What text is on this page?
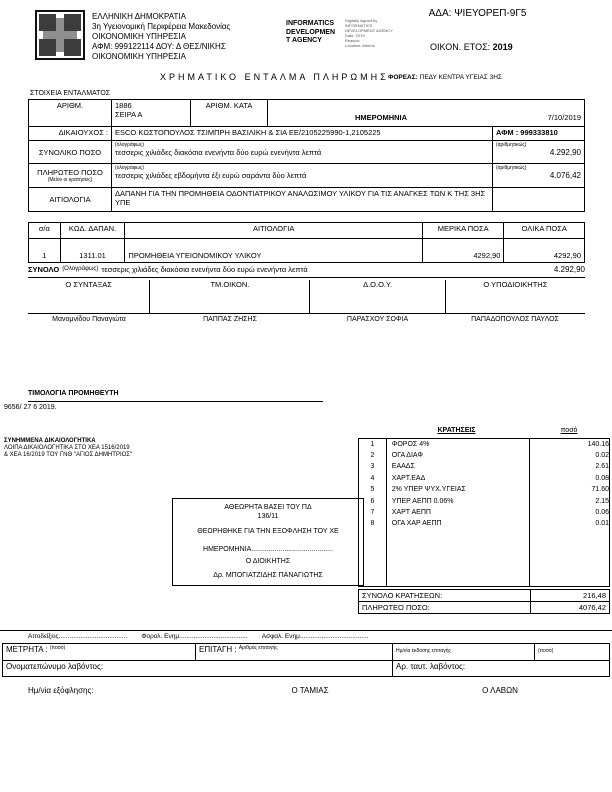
ΕΛΛΗΝΙΚΗ ΔΗΜΟΚΡΑΤΙΑ
3η Υγειονομική Περιφέρεια Μακεδονίας
ΟΙΚΟΝΟΜΙΚΗ ΥΠΗΡΕΣΙΑ
ΑΦΜ: 999122114 ΔΟΥ: Δ ΘΕΣ/ΝΙΚΗΣ
ΟΙΚΟΝΟΜΙΚΗ ΥΠΗΡΕΣΙΑ
INFORMATICS
DEVELOPMEN
T AGENCY
Digitally signed by
INFORMATICS
DEVELOPMENT AGENCY
Date: 2019
Reason:
Location: Athens
ΑΔΑ: ΨΙΕΥΟΡΕΠ-9Γ5
ΟΙΚΟΝ. ΕΤΟΣ: 2019
ΧΡΗΜΑΤΙΚΟ ΕΝΤΑΛΜΑ ΠΛΗΡΩΜΗΣ ΦΟΡΕΑΣ: ΠΕΔΥ ΚΕΝΤΡΑ ΥΓΕΙΑΣ 3ΗΣ
ΣΤΟΙΧΕΙΑ ΕΝΤΑΛΜΑΤΟΣ
ΑΡΙΘΜ.	1886
ΣΕΙΡΑ Α
	ΑΡΙΘΜ. ΚΑΤΑ	
ΗΜΕΡΟΜΗΝΙΑ	7/10/2019

ΔΙΚΑΙΟΥΧΟΣ :	ESCO ΚΩΣΤΟΠΟΥΛΟΣ ΤΣΙΜΠΡΗ ΒΑΣΙΛΙΚΗ & ΣΙΑ ΕΕ/2105225990-1,2105225			ΑΦΜ : 999333810
ΣΥΝΟΛΙΚΟ ΠΟΣΟ	
(ολογράφως)
τεσσερις χιλιάδες διακόσια ενενήντα δύο ευρώ ενενήντα λεπτά

(αριθμητικώς)
4.292,90

ΠΛΗΡΩΤΕΟ ΠΟΣΟ
(Μείον οι κρατήσεις)

(ολογράφως)
τεσσερις χιλιάδες εβδομήντα έξι ευρώ σαράντα δύο λεπτά

(αριθμητικώς)
4.076,42

ΑΙΤΙΟΛΟΓΙΑ	ΔΑΠΑΝΗ ΓΙΑ ΤΗΝ ΠΡΟΜΗΘΕΙΑ ΟΔΟΝΤΙΑΤΡΙΚΟΥ ΑΝΑΛΩΣΙΜΟΥ ΥΛΙΚΟΥ ΓΙΑ ΤΙΣ ΑΝΑΓΚΕΣ ΤΩΝ Κ ΤΗΣ 3ΗΣ ΥΠΕ			
σ/α	ΚΩΔ. ΔΑΠΑΝ.	ΑΙΤΙΟΛΟΓΙΑ	ΜΕΡΙΚΑ ΠΟΣΑ	ΟΛΙΚΑ ΠΟΣΑ

1	1311.01	ΠΡΟΜΗΘΕΙΑ ΥΓΕΙΟΝΟΜΙΚΟΥ ΥΛΙΚΟΥ	4292,90	4292,90
ΣΥΝΟΛΟ (Ολογράφως) τεσσερις χιλιάδες διακόσια ενενήντα δύο ευρώ ενενήντα λεπτά	4.292,90
Ο ΣΥΝΤΑΞΑΣ	ΤΜ.ΟΙΚΟΝ.	Δ.Ο.Ο.Υ.	Ο ΥΠΟΔΙΟΙΚΗΤΗΣ
Μανομνίδου Παναγιώτα	ΠΑΠΠΑΣ ΖΗΣΗΣ	ΠΑΡΑΣΧΟΥ ΣΟΦΙΑ	ΠΑΠΑΔΟΠΟΥΛΟΣ ΠΑΥΛΟΣ
ΤΙΜΟΛΟΓΙΑ ΠΡΟΜΗΘΕΥΤΗ
9656/ 27 6 2019.
ΣΥΝΗΜΜΕΝΑ ΔΙΚΑΙΟΛΟΓΗΤΙΚΑ
ΛΟΙΠΑ ΔΙΚΑΙΟΛΟΓΗΤΙΚΑ ΣΤΟ ΧΕΑ 1516/2019
& ΧΕΑ 16/2019 ΤΟΥ ΓΝΘ "ΑΓΙΟΣ ΔΗΜΗΤΡΙΟΣ"
ΑΘΕΩΡΗΤΑ ΒΑΣΕΙ ΤΟΥ ΠΔ
136/11
ΘΕΩΡΗΘΗΚΕ ΓΙΑ ΤΗΝ ΕΞΟΦΛΗΣΗ ΤΟΥ ΧΕ
ΗΜΕΡΟΜΗΝΙΑ..........................................
Ο ΔΙΟΙΚΗΤΗΣ
Δρ. ΜΠΟΓΙΑΤΖΙΔΗΣ ΠΑΝΑΓΙΩΤΗΣ
ΚΡΑΤΗΣΕΙΣ	ποσό
1	ΦΟΡΟΣ 4%	140.16
2	ΟΓΑ ΔΙΑΦ	0.02
3	ΕΑΑΔΣ	2.61
4	ΧΑΡΤ.ΕΑΔ	0.08
5	2% ΥΠΕΡ ΨΥΧ.ΥΓΕΙΑΣ	71.60
6	ΥΠΕΡ ΑΕΠΠ 0.06%	2.15
7	ΧΑΡΤ ΑΕΠΠ	0.06
8	ΟΓΑ ΧΑΡ ΑΕΠΠ	0.01
ΣΥΝΟΛΟ ΚΡΑΤΗΣΕΩΝ:	216,48
ΠΛΗΡΩΤΕΟ ΠΟΣΟ:	4076,42
Αποδείξεις...................................... Φορολ. Ενημ...................................... Ασφαλ. Ενημ......................................
ΜΕΤΡΗΤΑ : $^{(\pi o\sigma ό)}$	ΕΠΙΤΑΓΗ : $^{A\rho\iota\theta\mu ό\varsigma \varepsilon\pi\iota\tau\alpha\gamma ή\varsigma}$	Ημ/νία έκδοσης επιταγής	(ποσό)
Ονοματεπώνυμο λαβόντος:		Αρ. ταυτ. λαβόντος:	
Ημ/νία εξόφλησης:	Ο ΤΑΜΙΑΣ	Ο ΛΑΒΩΝ
